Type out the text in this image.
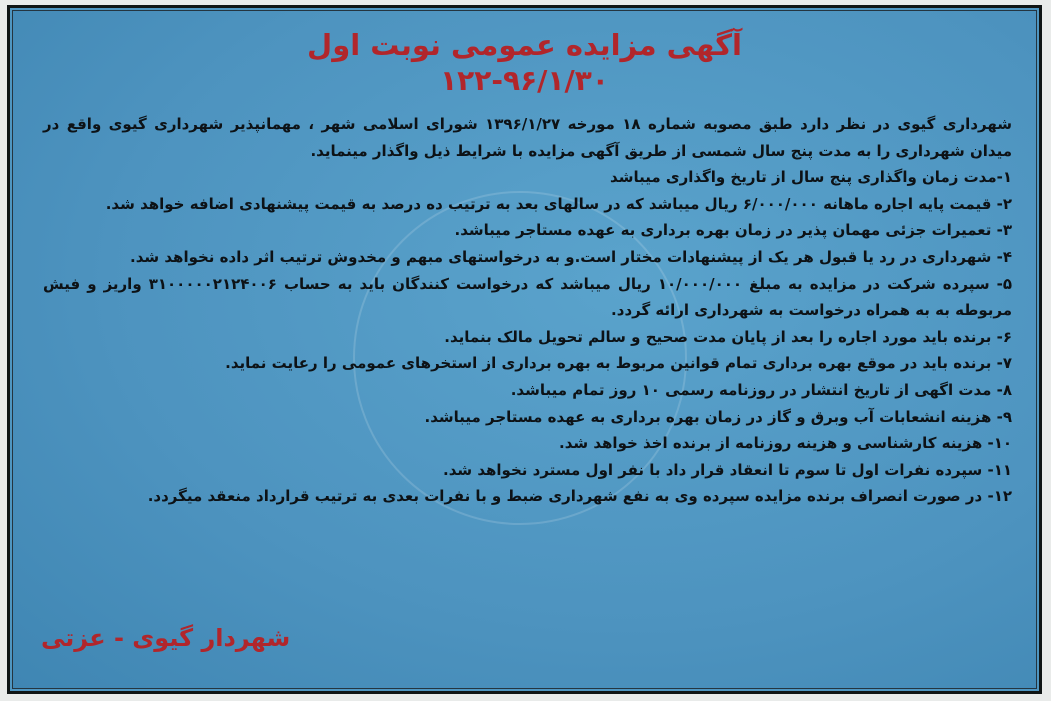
آگهی مزایده عمومی نوبت اول
۱۲۲-۹۶/۱/۳۰

شهرداری گیوی در نظر دارد طبق مصوبه شماره ۱۸ مورخه ۱۳۹۶/۱/۲۷ شورای اسلامی شهر ، مهمانپذیر شهرداری گیوی واقع در میدان شهرداری را به مدت پنج سال شمسی از طریق آگهی مزایده با شرایط ذیل واگذار مینماید.

۱-مدت زمان واگذاری پنج سال از تاریخ واگذاری میباشد

۲- قیمت پایه اجاره ماهانه ۶/۰۰۰/۰۰۰ ریال میباشد که در سالهای بعد به ترتیب ده درصد به قیمت پیشنهادی اضافه خواهد شد.

۳- تعمیرات جزئی مهمان پذیر در زمان بهره برداری به عهده مستاجر میباشد.

۴- شهرداری در رد یا قبول هر یک از پیشنهادات مختار است.و به درخواستهای مبهم و مخدوش ترتیب اثر داده نخواهد شد.

۵- سپرده شرکت در مزایده به مبلغ ۱۰/۰۰۰/۰۰۰ ریال میباشد که درخواست کنندگان باید به حساب ۳۱۰۰۰۰۰۲۱۲۴۰۰۶ واریز و فیش مربوطه به به همراه درخواست به شهرداری ارائه گردد.

۶- برنده باید مورد اجاره را بعد از پایان مدت صحیح و سالم تحویل مالک بنماید.

۷- برنده باید در موقع بهره برداری تمام قوانین مربوط به بهره برداری از استخرهای عمومی را رعایت نماید.

۸- مدت اگهی از تاریخ انتشار در روزنامه رسمی ۱۰ روز تمام میباشد.

۹- هزینه انشعابات آب وبرق و گاز در زمان بهره برداری به عهده مستاجر میباشد.

۱۰- هزینه کارشناسی و هزینه روزنامه از برنده اخذ خواهد شد.

۱۱- سپرده نفرات اول تا سوم تا انعقاد قرار داد با نفر اول مسترد نخواهد شد.

۱۲- در صورت انصراف برنده مزایده سپرده وی به نفع شهرداری ضبط و با نفرات بعدی به ترتیب قرارداد منعقد میگردد.

شهردار گیوی - عزتی
